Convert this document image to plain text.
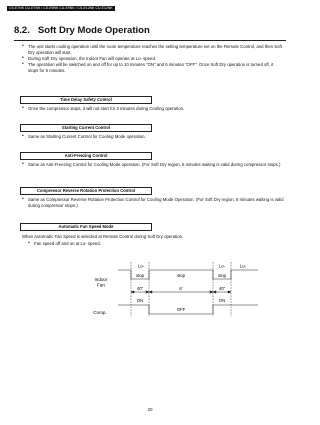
CS-E7NK CU-E7NK / CS-E9NK CU-E9NK / CS-E12NK CU-E12NK
8.2. Soft Dry Mode Operation
• The unit starts cooling operation until the room temperature reaches the setting temperature set on the Remote Control, and then Soft Dry operation will start.
• During Soft Dry operation, the Indoor Fan will operate at Lo- speed.
• The operation will be switched on and off for up to 10 minutes "ON" and 6 minutes "OFF". Once Soft Dry operation is turned off, it stops for 6 minutes.
Time Delay Safety Control
• Once the compressor stops, it will not start for 3 minutes during Cooling operation.
Starting Current Control
• Same as Starting Current Control for Cooling Mode operation.
Anti-Freezing Control
• Same as Anti-Freezing Control for Cooling Mode operation. (For Soft Dry region, 6 minutes waiting is valid during compressor stops.)
Compressor Reverse Rotation Protection Control
• Same as Compressor Reverse Rotation Protection Control for Cooling Mode Operation. (For Soft Dry region, 6 minutes waiting is valid during compressor stops.)
Automatic Fan Speed Mode

When Automatic Fan Speed is selected at Remote Control during Soft Dry operation.

• Fan speed off and on at Lo- speed.
Indoor
Fan
Lo-	Lo-	Lo-
stop	stop	stop
40"	6'	40"
ON
OFF
ON
Comp.
20
